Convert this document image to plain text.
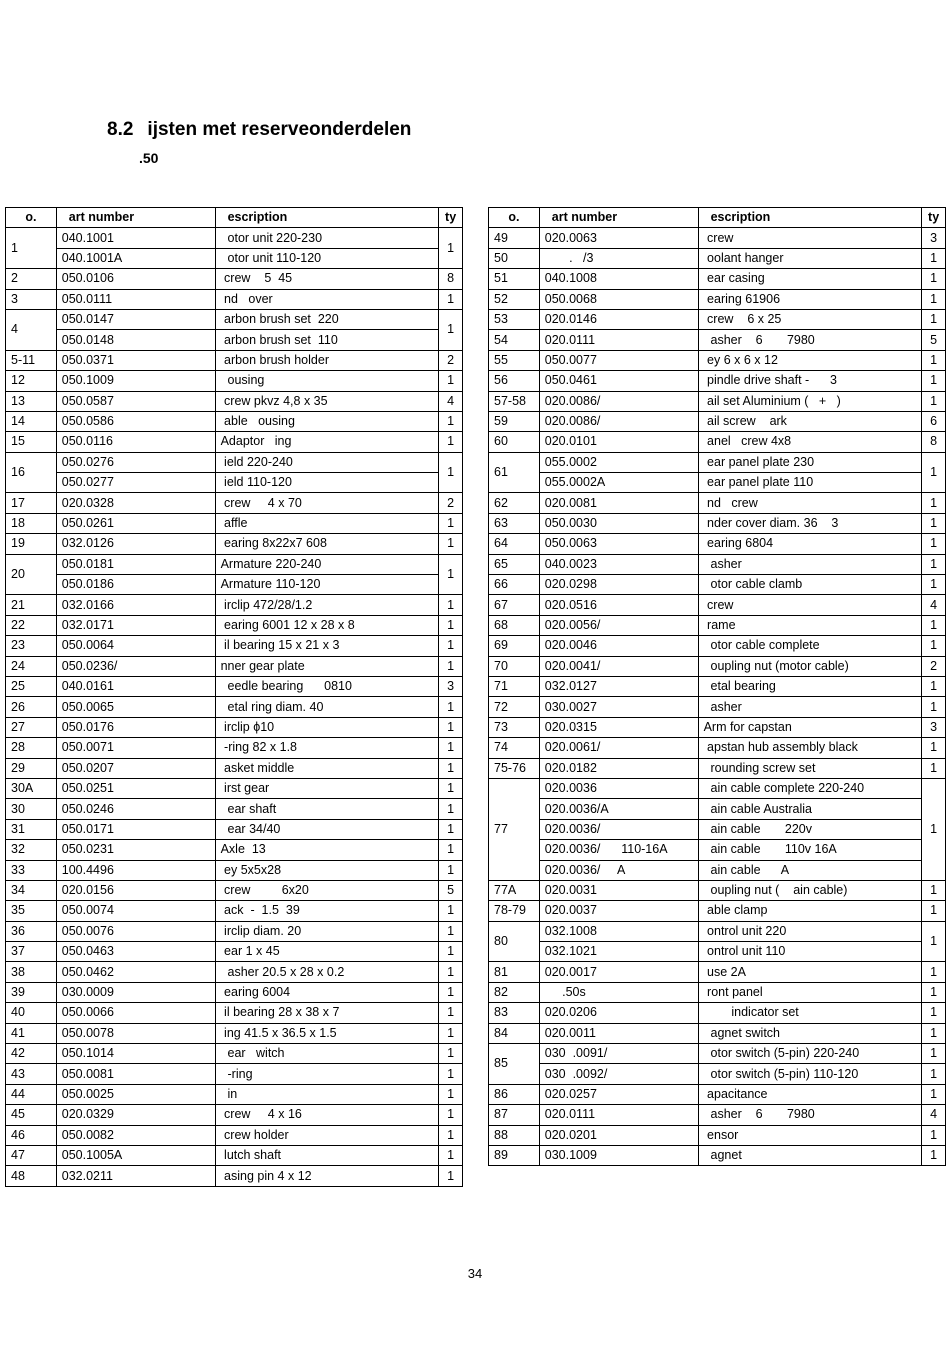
8.2 ijsten met reserveonderdelen
.50
o.	art number	escription	ty
1	040.1001	otor unit 220-230	1
	040.1001A	otor unit 110-120	
2	050.0106	crew    5  45	8
3	050.0111	nd   over	1
4	050.0147	arbon brush set  220	1
	050.0148	arbon brush set  110	
5-11	050.0371	arbon brush holder	2
12	050.1009	ousing	1
13	050.0587	crew pkvz 4,8 x 35	4
14	050.0586	able   ousing	1
15	050.0116	Adaptor   ing	1
16	050.0276	ield 220-240	1
	050.0277	ield 110-120	
17	020.0328	crew     4 x 70	2
18	050.0261	affle	1
19	032.0126	earing 8x22x7 608	1
20	050.0181	Armature 220-240	1
	050.0186	Armature 110-120	
21	032.0166	irclip 472/28/1.2	1
22	032.0171	earing 6001 12 x 28 x 8	1
23	050.0064	il bearing 15 x 21 x 3	1
24	050.0236/	nner gear plate	1
25	040.0161	eedle bearing      0810	3
26	050.0065	etal ring diam. 40	1
27	050.0176	irclip ϕ10	1
28	050.0071	-ring 82 x 1.8	1
29	050.0207	asket middle	1
30A	050.0251	irst gear	1
30	050.0246	ear shaft	1
31	050.0171	ear 34/40	1
32	050.0231	Axle  13	1
33	100.4496	ey 5x5x28	1
34	020.0156	crew         6x20	5
35	050.0074	ack  -  1.5  39	1
36	050.0076	irclip diam. 20	1
37	050.0463	ear 1 x 45	1
38	050.0462	asher 20.5 x 28 x 0.2	1
39	030.0009	earing 6004	1
40	050.0066	il bearing 28 x 38 x 7	1
41	050.0078	ing 41.5 x 36.5 x 1.5	1
42	050.1014	ear   witch	1
43	050.0081	-ring	1
44	050.0025	in	1
45	020.0329	crew     4 x 16	1
46	050.0082	crew holder	1
47	050.1005A	lutch shaft	1
48	032.0211	asing pin 4 x 12	1
o.	art number	escription	ty
49	020.0063	crew	3
50	.   /3	oolant hanger	1
51	040.1008	ear casing	1
52	050.0068	earing 61906	1
53	020.0146	crew    6 x 25	1
54	020.0111	asher    6       7980	5
55	050.0077	ey 6 x 6 x 12	1
56	050.0461	pindle drive shaft -      3	1
57-58	020.0086/	ail set Aluminium (   +   )	1
59	020.0086/	ail screw    ark	6
60	020.0101	anel   crew 4x8	8
61	055.0002	ear panel plate 230	1
	055.0002A	ear panel plate 110	
62	020.0081	nd   crew	1
63	050.0030	nder cover diam. 36    3	1
64	050.0063	earing 6804	1
65	040.0023	asher	1
66	020.0298	otor cable clamb	1
67	020.0516	crew	4
68	020.0056/	rame	1
69	020.0046	otor cable complete	1
70	020.0041/	oupling nut (motor cable)	2
71	032.0127	etal bearing	1
72	030.0027	asher	1
73	020.0315	Arm for capstan	3
74	020.0061/	apstan hub assembly black	1
75-76	020.0182	rounding screw set	1
77	020.0036	ain cable complete 220-240	1
	020.0036/A	ain cable Australia	
	020.0036/	ain cable       220v	
	020.0036/      110-16A	ain cable       110v 16A	
	020.0036/     A	ain cable      A	
77A	020.0031	oupling nut (    ain cable)	1
78-79	020.0037	able clamp	1
80	032.1008	ontrol unit 220	1
	032.1021	ontrol unit 110	
81	020.0017	use 2A	1
82	.50s	ront panel	1
83	020.0206	indicator set	1
84	020.0011	agnet switch	1
85	030  .0091/	otor switch (5-pin) 220-240	1
	030  .0092/	otor switch (5-pin) 110-120	1
86	020.0257	apacitance	1
87	020.0111	asher    6       7980	4
88	020.0201	ensor	1
89	030.1009	agnet	1
34
